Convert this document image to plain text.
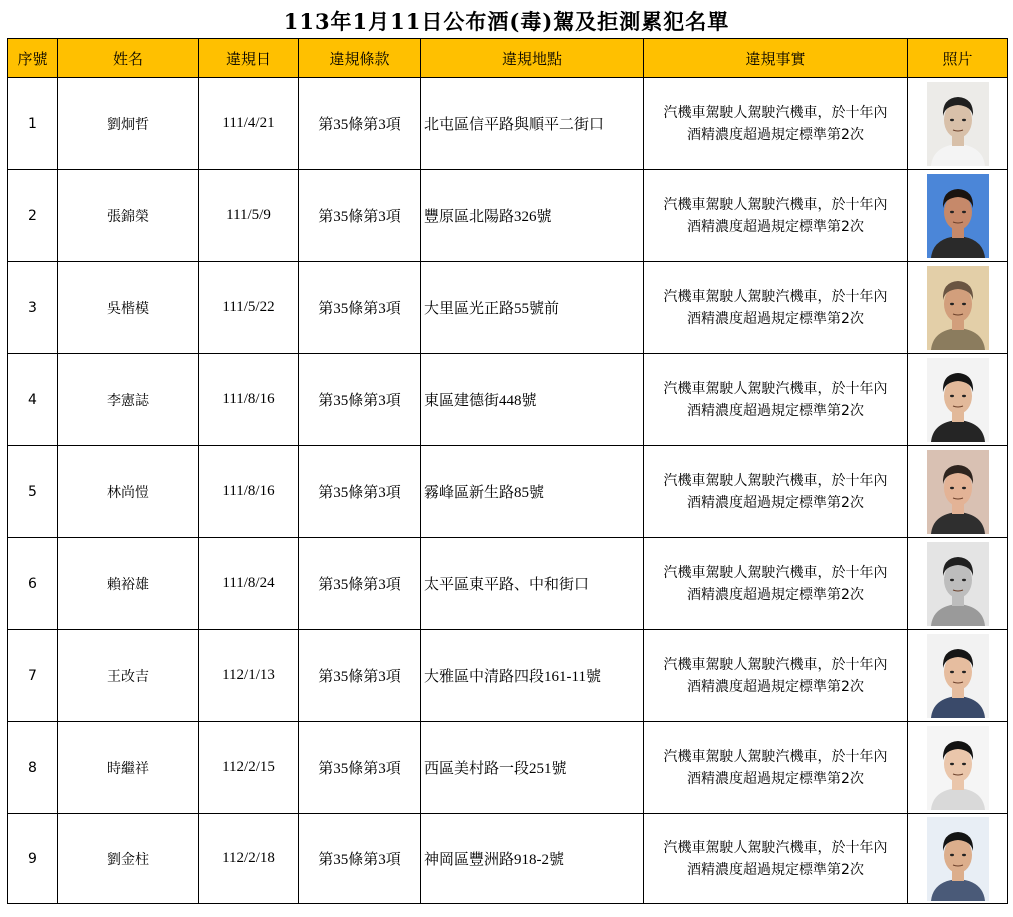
113年1月11日公布酒(毒)駕及拒測累犯名單
序號	姓名	違規日	違規條款	違規地點	違規事實	照片
1	劉炯哲	111/4/21	第35條第3項	北屯區信平路與順平二街口	汽機車駕駛人駕駛汽機車，於十年內
酒精濃度超過規定標準第2次

2	張錦榮	111/5/9	第35條第3項	豐原區北陽路326號	汽機車駕駛人駕駛汽機車，於十年內
酒精濃度超過規定標準第2次

3	吳楷模	111/5/22	第35條第3項	大里區光正路55號前	汽機車駕駛人駕駛汽機車，於十年內
酒精濃度超過規定標準第2次

4	李憲誌	111/8/16	第35條第3項	東區建德街448號	汽機車駕駛人駕駛汽機車，於十年內
酒精濃度超過規定標準第2次

5	林尚愷	111/8/16	第35條第3項	霧峰區新生路85號	汽機車駕駛人駕駛汽機車，於十年內
酒精濃度超過規定標準第2次

6	賴裕雄	111/8/24	第35條第3項	太平區東平路、中和街口	汽機車駕駛人駕駛汽機車，於十年內
酒精濃度超過規定標準第2次

7	王改吉	112/1/13	第35條第3項	大雅區中清路四段161-11號	汽機車駕駛人駕駛汽機車，於十年內
酒精濃度超過規定標準第2次

8	時繼祥	112/2/15	第35條第3項	西區美村路一段251號	汽機車駕駛人駕駛汽機車，於十年內
酒精濃度超過規定標準第2次

9	劉金柱	112/2/18	第35條第3項	神岡區豐洲路918-2號	汽機車駕駛人駕駛汽機車，於十年內
酒精濃度超過規定標準第2次
